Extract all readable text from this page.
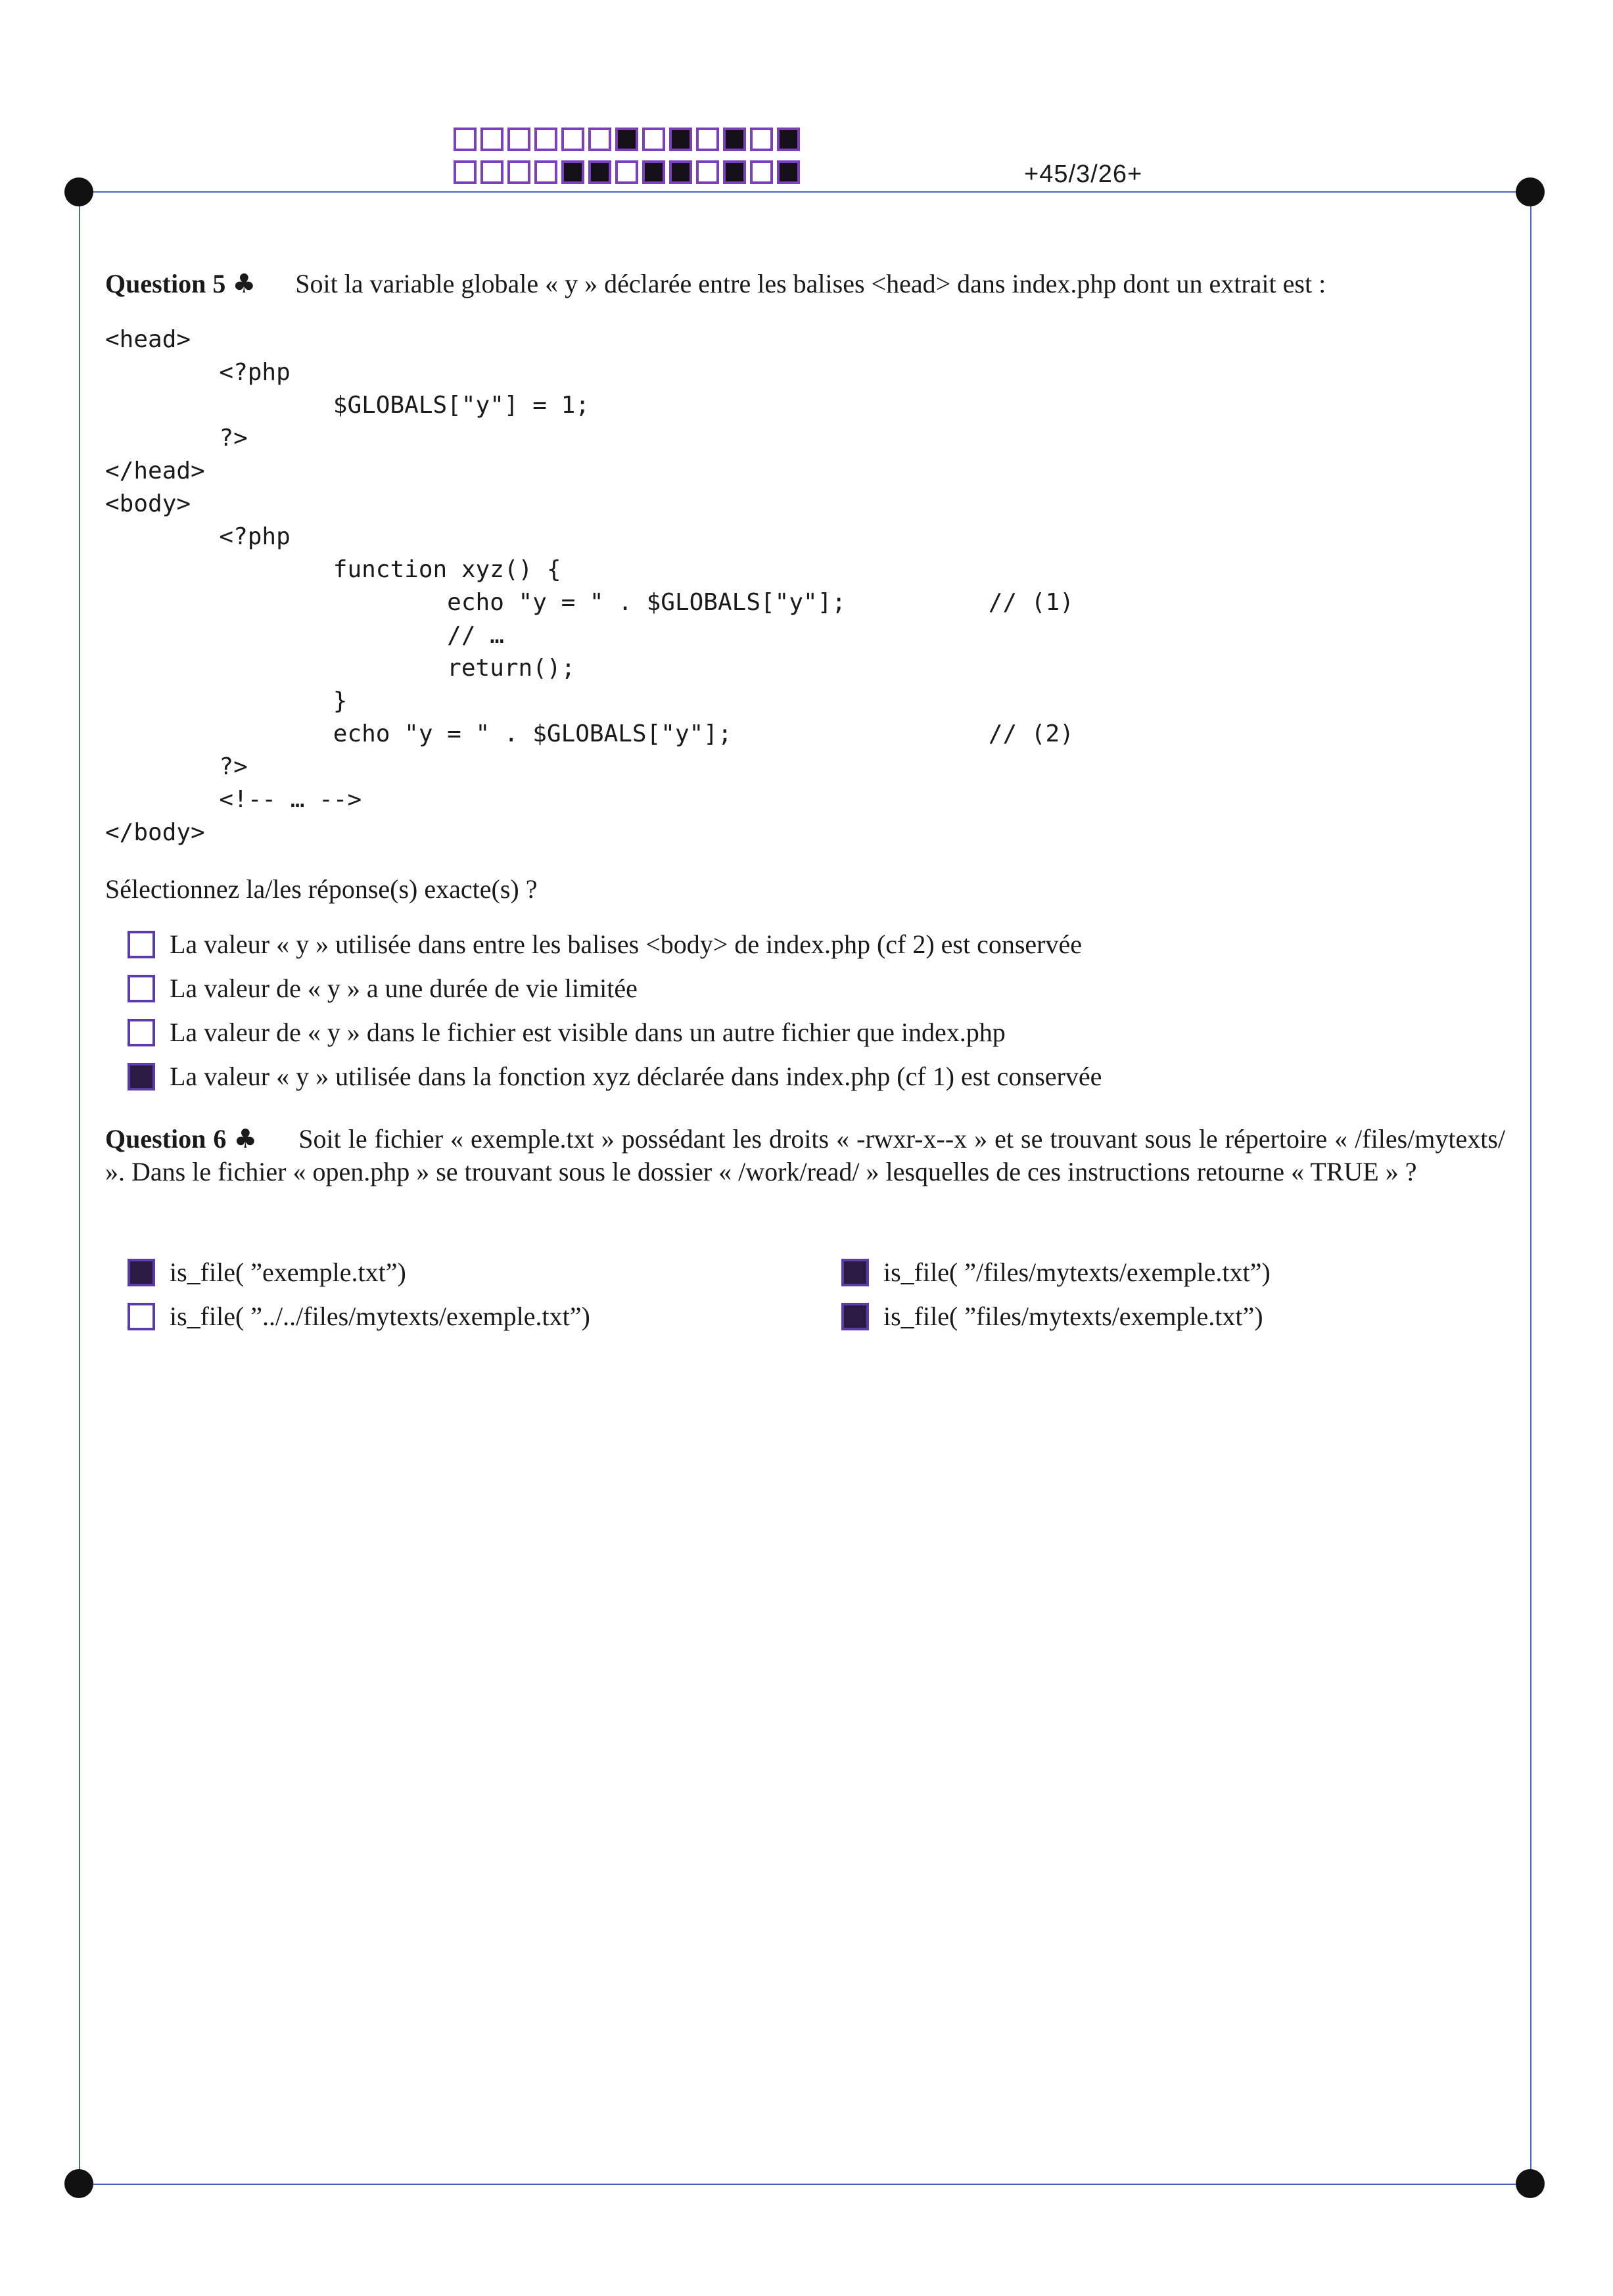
+45/3/26+
Question 5 ♣ Soit la variable globale « y » déclarée entre les balises <head> dans index.php dont un extrait est :
<head>
<?php
$GLOBALS["y"] = 1;
?>
</head>
<body>
<?php
function xyz() {
echo "y = " . $GLOBALS["y"];          // (1)
// …
return();
}
echo "y = " . $GLOBALS["y"];                  // (2)
?>
<!-- … -->
</body>
Sélectionnez la/les réponse(s) exacte(s) ?
La valeur « y » utilisée dans entre les balises <body> de index.php (cf 2) est conservée
La valeur de « y » a une durée de vie limitée
La valeur de « y » dans le fichier est visible dans un autre fichier que index.php
La valeur « y » utilisée dans la fonction xyz déclarée dans index.php (cf 1) est conservée
Question 6 ♣ Soit le fichier « exemple.txt » possédant les droits « -rwxr-x--x » et se trouvant sous le répertoire « /files/mytexts/ ». Dans le fichier « open.php » se trouvant sous le dossier « /work/read/ » lesquelles de ces instructions retourne « TRUE » ?
is_file( ”exemple.txt”)	is_file( ”/files/mytexts/exemple.txt”)
is_file( ”../../files/mytexts/exemple.txt”)	is_file( ”files/mytexts/exemple.txt”)
